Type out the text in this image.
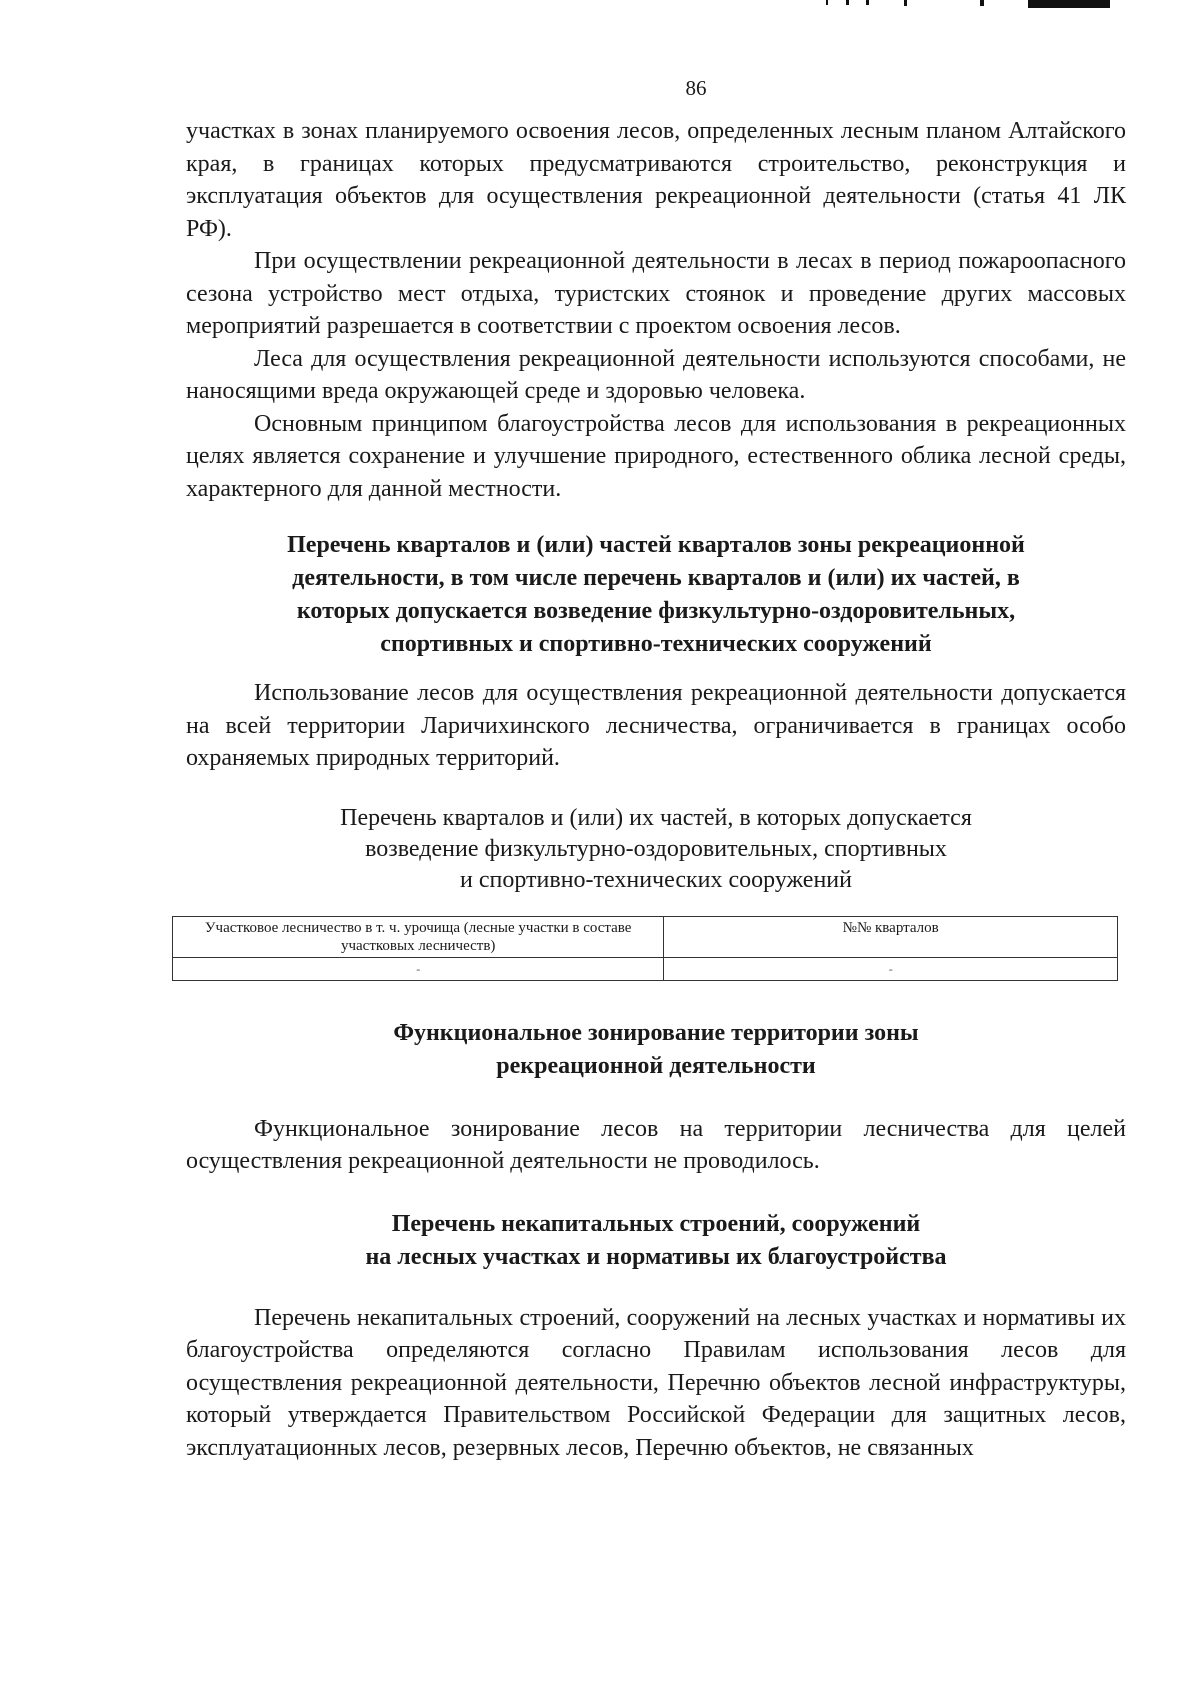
86

участках в зонах планируемого освоения лесов, определенных лесным планом Алтайского края, в границах которых предусматриваются строительство, реконструкция и эксплуатация объектов для осуществления рекреационной деятельности (статья 41 ЛК РФ).

При осуществлении рекреационной деятельности в лесах в период пожароопасного сезона устройство мест отдыха, туристских стоянок и проведение других массовых мероприятий разрешается в соответствии с проектом освоения лесов.

Леса для осуществления рекреационной деятельности используются способами, не наносящими вреда окружающей среде и здоровью человека.

Основным принципом благоустройства лесов для использования в рекреационных целях является сохранение и улучшение природного, естественного облика лесной среды, характерного для данной местности.

Перечень кварталов и (или) частей кварталов зоны рекреационной
деятельности, в том числе перечень кварталов и (или) их частей, в
которых допускается возведение физкультурно-оздоровительных,
спортивных и спортивно-технических сооружений

Использование лесов для осуществления рекреационной деятельности допускается на всей территории Ларичихинского лесничества, ограничивается в границах особо охраняемых природных территорий.

Перечень кварталов и (или) их частей, в которых допускается
возведение физкультурно-оздоровительных, спортивных
и спортивно-технических сооружений
Участковое лесничество в т. ч. урочища (лесные участки в составе участковых лесничеств)	№№ кварталов
-	-
Функциональное зонирование территории зоны
рекреационной деятельности

Функциональное зонирование лесов на территории лесничества для целей осуществления рекреационной деятельности не проводилось.

Перечень некапитальных строений, сооружений
на лесных участках и нормативы их благоустройства

Перечень некапитальных строений, сооружений на лесных участках и нормативы их благоустройства определяются согласно Правилам использования лесов для осуществления рекреационной деятельности, Перечню объектов лесной инфраструктуры, который утверждается Правительством Российской Федерации для защитных лесов, эксплуатационных лесов, резервных лесов, Перечню объектов, не связанных
